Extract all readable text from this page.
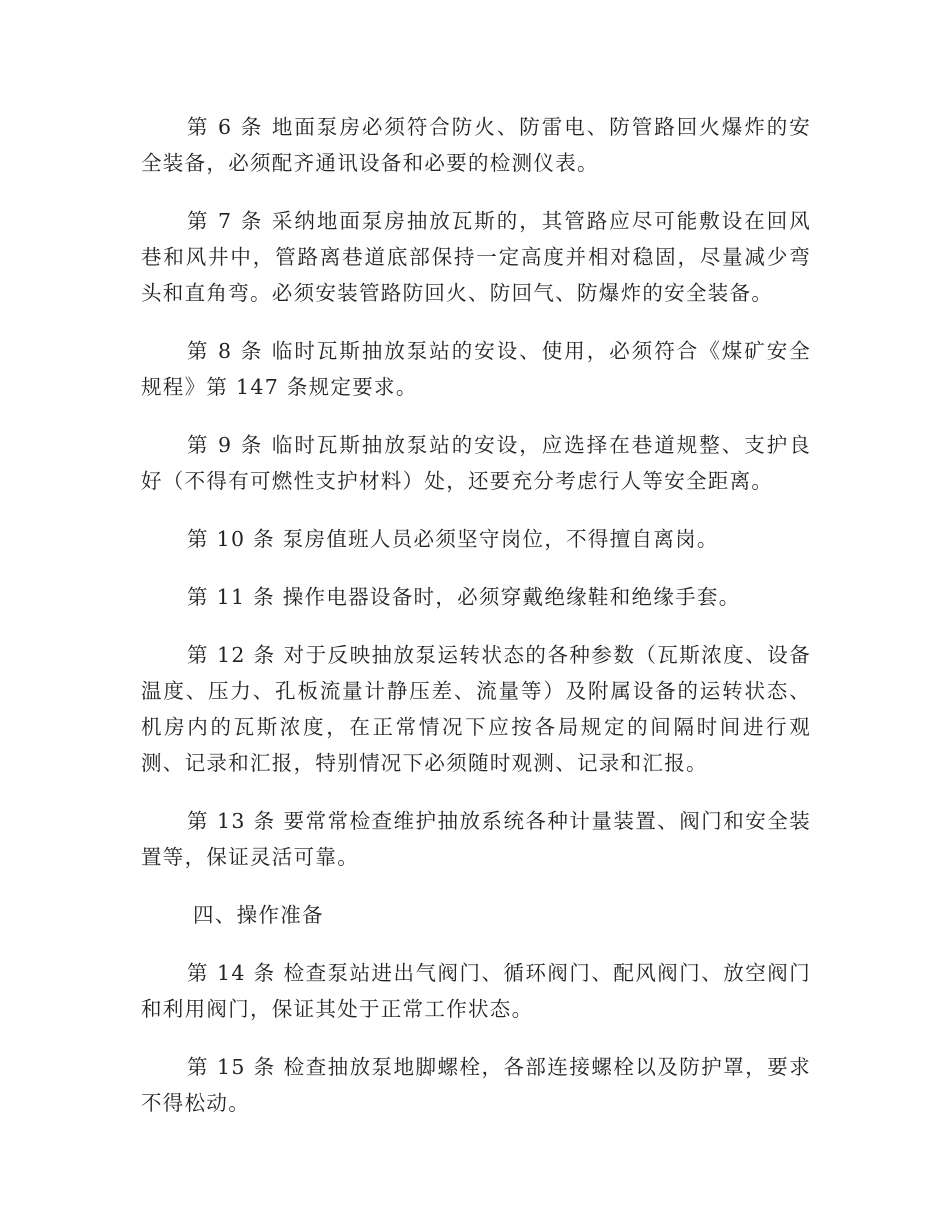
第 6 条 地面泵房必须符合防火、防雷电、防管路回火爆炸的安全装备，必须配齐通讯设备和必要的检测仪表。

第 7 条 采纳地面泵房抽放瓦斯的，其管路应尽可能敷设在回风巷和风井中，管路离巷道底部保持一定高度并相对稳固，尽量减少弯头和直角弯。必须安装管路防回火、防回气、防爆炸的安全装备。

第 8 条 临时瓦斯抽放泵站的安设、使用，必须符合《煤矿安全规程》第 147 条规定要求。

第 9 条 临时瓦斯抽放泵站的安设，应选择在巷道规整、支护良好（不得有可燃性支护材料）处，还要充分考虑行人等安全距离。

第 10 条 泵房值班人员必须坚守岗位，不得擅自离岗。

第 11 条 操作电器设备时，必须穿戴绝缘鞋和绝缘手套。

第 12 条 对于反映抽放泵运转状态的各种参数（瓦斯浓度、设备温度、压力、孔板流量计静压差、流量等）及附属设备的运转状态、机房内的瓦斯浓度，在正常情况下应按各局规定的间隔时间进行观测、记录和汇报，特别情况下必须随时观测、记录和汇报。

第 13 条 要常常检查维护抽放系统各种计量装置、阀门和安全装置等，保证灵活可靠。

四、操作准备

第 14 条 检查泵站进出气阀门、循环阀门、配风阀门、放空阀门和利用阀门，保证其处于正常工作状态。

第 15 条 检查抽放泵地脚螺栓，各部连接螺栓以及防护罩，要求不得松动。
